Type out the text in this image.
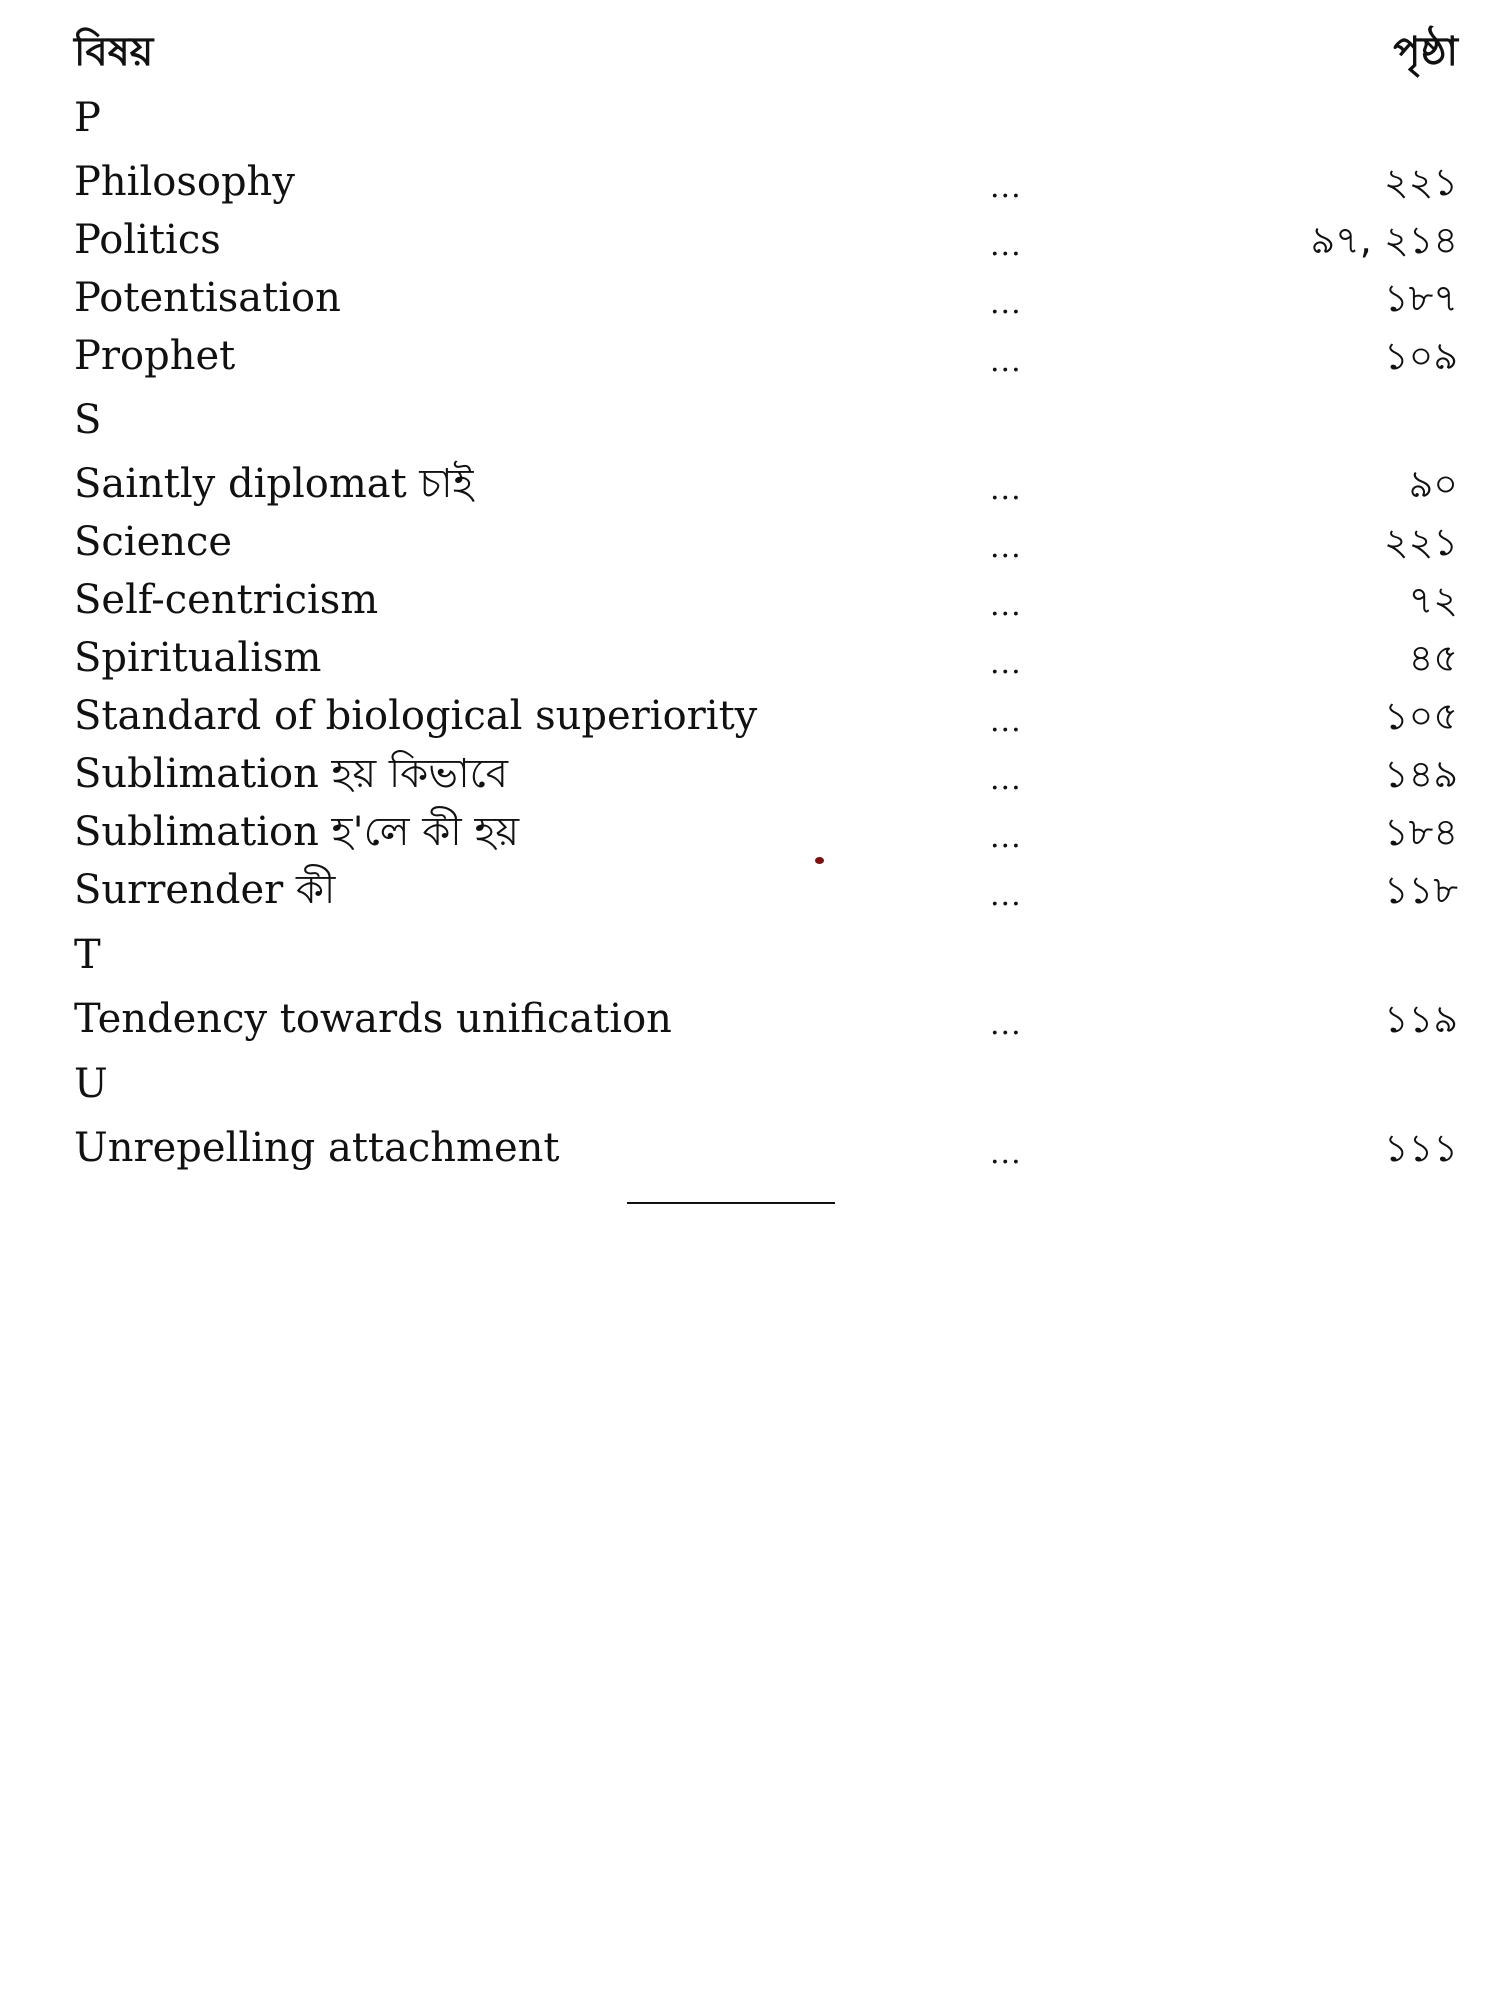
বিষয়	পৃষ্ঠা
P
Philosophy	...	২২১
Politics	...	৯৭, ২১৪
Potentisation	...	১৮৭
Prophet	...	১০৯
S
Saintly diplomat চাই	...	৯০
Science	...	২২১
Self-centricism	...	৭২
Spiritualism	...	৪৫
Standard of biological superiority	...	১০৫
Sublimation হয় কিভাবে	...	১৪৯
Sublimation হ'লে কী হয়	...	১৮৪
Surrender কী	...	১১৮
T
Tendency towards unification	...	১১৯
U
Unrepelling attachment	...	১১১
